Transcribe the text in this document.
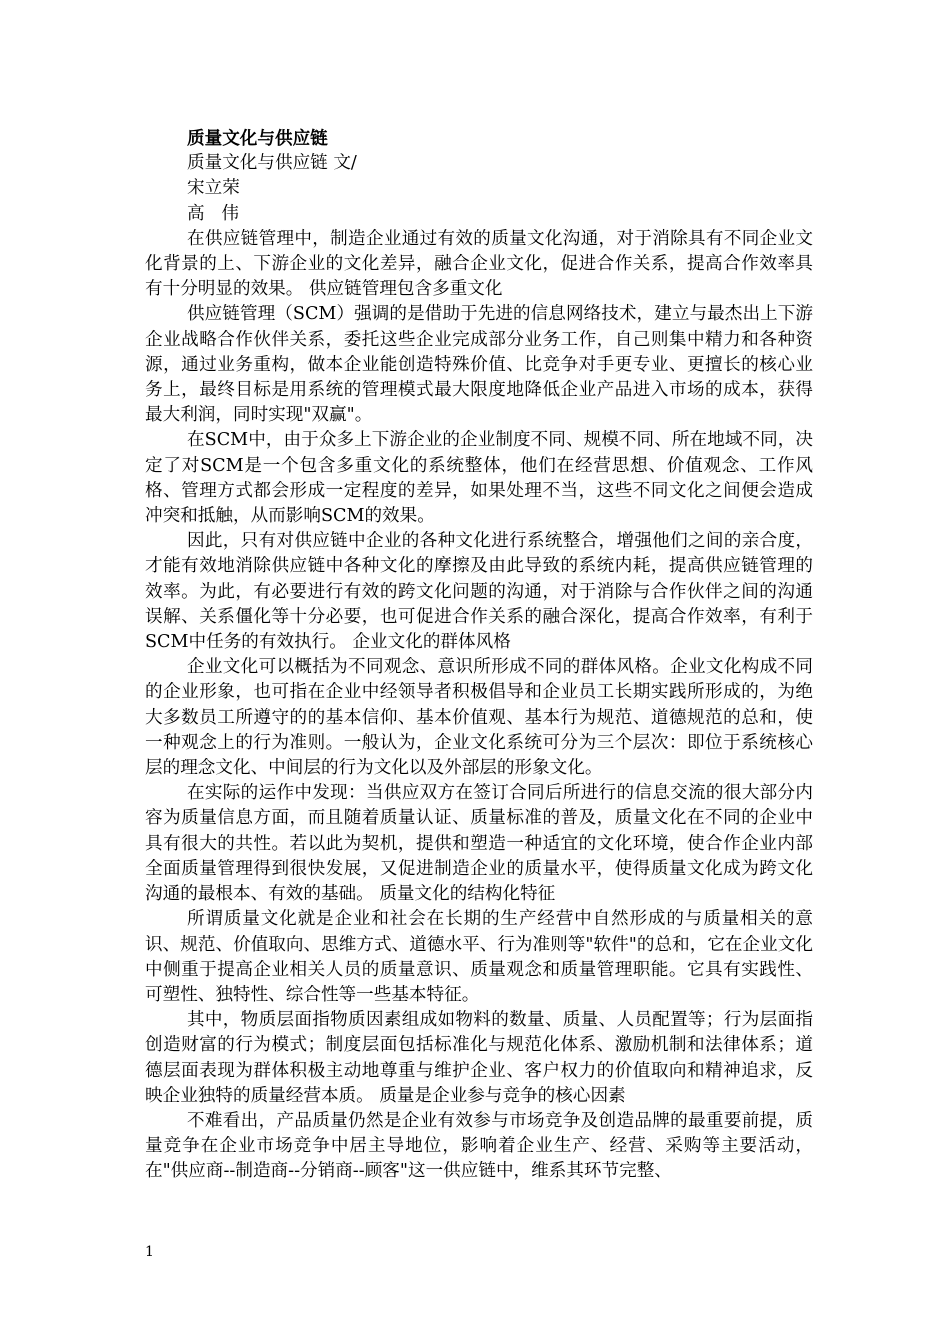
质量文化与供应链

质量文化与供应链 文/

宋立荣

高   伟

在供应链管理中，制造企业通过有效的质量文化沟通，对于消除具有不同企业文化背景的上、下游企业的文化差异，融合企业文化，促进合作关系，提高合作效率具有十分明显的效果。 供应链管理包含多重文化

供应链管理（SCM）强调的是借助于先进的信息网络技术，建立与最杰出上下游企业战略合作伙伴关系，委托这些企业完成部分业务工作，自己则集中精力和各种资源，通过业务重构，做本企业能创造特殊价值、比竞争对手更专业、更擅长的核心业务上，最终目标是用系统的管理模式最大限度地降低企业产品进入市场的成本，获得最大利润，同时实现"双赢"。

在SCM中，由于众多上下游企业的企业制度不同、规模不同、所在地域不同，决定了对SCM是一个包含多重文化的系统整体，他们在经营思想、价值观念、工作风格、管理方式都会形成一定程度的差异，如果处理不当，这些不同文化之间便会造成冲突和抵触，从而影响SCM的效果。

因此，只有对供应链中企业的各种文化进行系统整合，增强他们之间的亲合度，才能有效地消除供应链中各种文化的摩擦及由此导致的系统内耗，提高供应链管理的效率。为此，有必要进行有效的跨文化问题的沟通，对于消除与合作伙伴之间的沟通误解、关系僵化等十分必要，也可促进合作关系的融合深化，提高合作效率，有利于SCM中任务的有效执行。 企业文化的群体风格

企业文化可以概括为不同观念、意识所形成不同的群体风格。企业文化构成不同的企业形象，也可指在企业中经领导者积极倡导和企业员工长期实践所形成的，为绝大多数员工所遵守的的基本信仰、基本价值观、基本行为规范、道德规范的总和，使一种观念上的行为准则。一般认为，企业文化系统可分为三个层次：即位于系统核心层的理念文化、中间层的行为文化以及外部层的形象文化。

在实际的运作中发现：当供应双方在签订合同后所进行的信息交流的很大部分内容为质量信息方面，而且随着质量认证、质量标准的普及，质量文化在不同的企业中具有很大的共性。若以此为契机，提供和塑造一种适宜的文化环境，使合作企业内部全面质量管理得到很快发展，又促进制造企业的质量水平，使得质量文化成为跨文化沟通的最根本、有效的基础。 质量文化的结构化特征

所谓质量文化就是企业和社会在长期的生产经营中自然形成的与质量相关的意识、规范、价值取向、思维方式、道德水平、行为准则等"软件"的总和，它在企业文化中侧重于提高企业相关人员的质量意识、质量观念和质量管理职能。它具有实践性、可塑性、独特性、综合性等一些基本特征。

其中，物质层面指物质因素组成如物料的数量、质量、人员配置等；行为层面指创造财富的行为模式；制度层面包括标准化与规范化体系、激励机制和法律体系；道德层面表现为群体积极主动地尊重与维护企业、客户权力的价值取向和精神追求，反映企业独特的质量经营本质。 质量是企业参与竞争的核心因素

不难看出，产品质量仍然是企业有效参与市场竞争及创造品牌的最重要前提，质量竞争在企业市场竞争中居主导地位，影响着企业生产、经营、采购等主要活动，在"供应商--制造商--分销商--顾客"这一供应链中，维系其环节完整、

1
